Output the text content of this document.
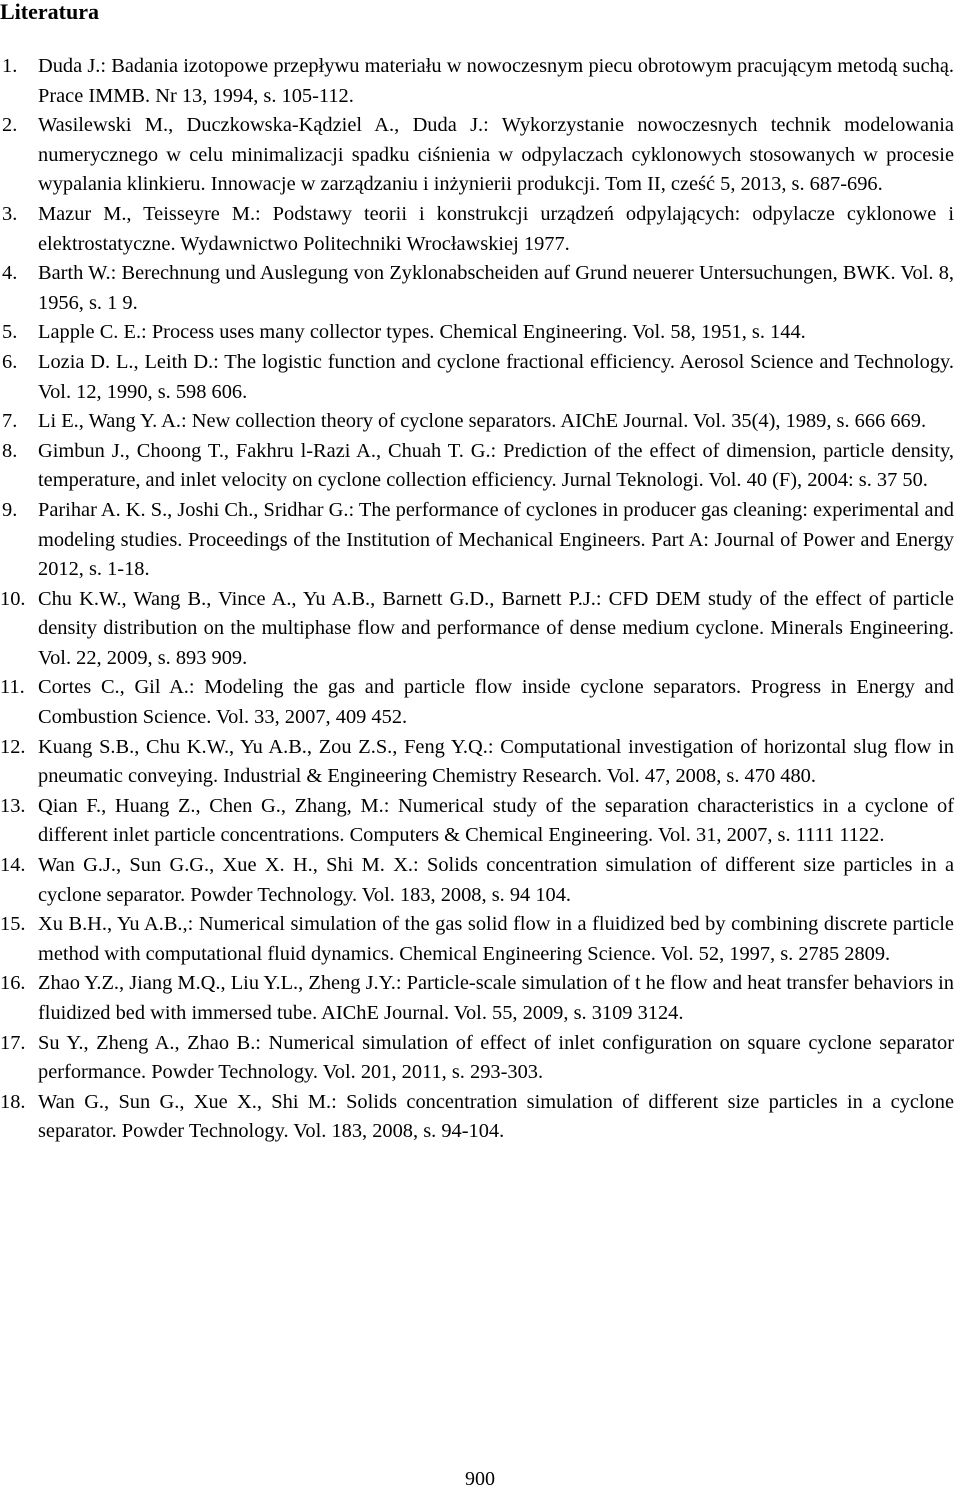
Literatura
1. Duda J.: Badania izotopowe przepływu materiału w nowoczesnym piecu obrotowym pracującym metodą suchą. Prace IMMB. Nr 13, 1994, s. 105-112.
2. Wasilewski M., Duczkowska-Kądziel A., Duda J.: Wykorzystanie nowoczesnych technik modelowania numerycznego w celu minimalizacji spadku ciśnienia w odpylaczach cyklonowych stosowanych w procesie wypalania klinkieru. Innowacje w zarządzaniu i inżynierii produkcji. Tom II, cześć 5, 2013, s. 687-696.
3. Mazur M., Teisseyre M.: Podstawy teorii i konstrukcji urządzeń odpylających: odpylacze cyklonowe i elektrostatyczne. Wydawnictwo Politechniki Wrocławskiej 1977.
4. Barth W.: Berechnung und Auslegung von Zyklonabscheiden auf Grund neuerer Untersuchungen, BWK. Vol. 8, 1956, s. 1 9.
5. Lapple C. E.: Process uses many collector types. Chemical Engineering. Vol. 58, 1951, s. 144.
6. Lozia D. L., Leith D.: The logistic function and cyclone fractional efficiency. Aerosol Science and Technology. Vol. 12, 1990, s. 598 606.
7. Li E., Wang Y. A.: New collection theory of cyclone separators. AIChE Journal. Vol. 35(4), 1989, s. 666 669.
8. Gimbun J., Choong T., Fakhru l-Razi A., Chuah T. G.: Prediction of the effect of dimension, particle density, temperature, and inlet velocity on cyclone collection efficiency. Jurnal Teknologi. Vol. 40 (F), 2004: s. 37 50.
9. Parihar A. K. S., Joshi Ch., Sridhar G.: The performance of cyclones in producer gas cleaning: experimental and modeling studies. Proceedings of the Institution of Mechanical Engineers. Part A: Journal of Power and Energy 2012, s. 1-18.
10. Chu K.W., Wang B., Vince A., Yu A.B., Barnett G.D., Barnett P.J.: CFD DEM study of the effect of particle density distribution on the multiphase flow and performance of dense medium cyclone. Minerals Engineering. Vol. 22, 2009, s. 893 909.
11. Cortes C., Gil A.: Modeling the gas and particle flow inside cyclone separators. Progress in Energy and Combustion Science. Vol. 33, 2007, 409 452.
12. Kuang S.B., Chu K.W., Yu A.B., Zou Z.S., Feng Y.Q.: Computational investigation of horizontal slug flow in pneumatic conveying. Industrial & Engineering Chemistry Research. Vol. 47, 2008, s. 470 480.
13. Qian F., Huang Z., Chen G., Zhang, M.: Numerical study of the separation characteristics in a cyclone of different inlet particle concentrations. Computers & Chemical Engineering. Vol. 31, 2007, s. 1111 1122.
14. Wan G.J., Sun G.G., Xue X. H., Shi M. X.: Solids concentration simulation of different size particles in a cyclone separator. Powder Technology. Vol. 183, 2008, s. 94 104.
15. Xu B.H., Yu A.B.,: Numerical simulation of the gas solid flow in a fluidized bed by combining discrete particle method with computational fluid dynamics. Chemical Engineering Science. Vol. 52, 1997, s. 2785 2809.
16. Zhao Y.Z., Jiang M.Q., Liu Y.L., Zheng J.Y.: Particle-scale simulation of t he flow and heat transfer behaviors in fluidized bed with immersed tube. AIChE Journal. Vol. 55, 2009, s. 3109 3124.
17. Su Y., Zheng A., Zhao B.: Numerical simulation of effect of inlet configuration on square cyclone separator performance. Powder Technology. Vol. 201, 2011, s. 293-303.
18. Wan G., Sun G., Xue X., Shi M.: Solids concentration simulation of different size particles in a cyclone separator. Powder Technology. Vol. 183, 2008, s. 94-104.
900
